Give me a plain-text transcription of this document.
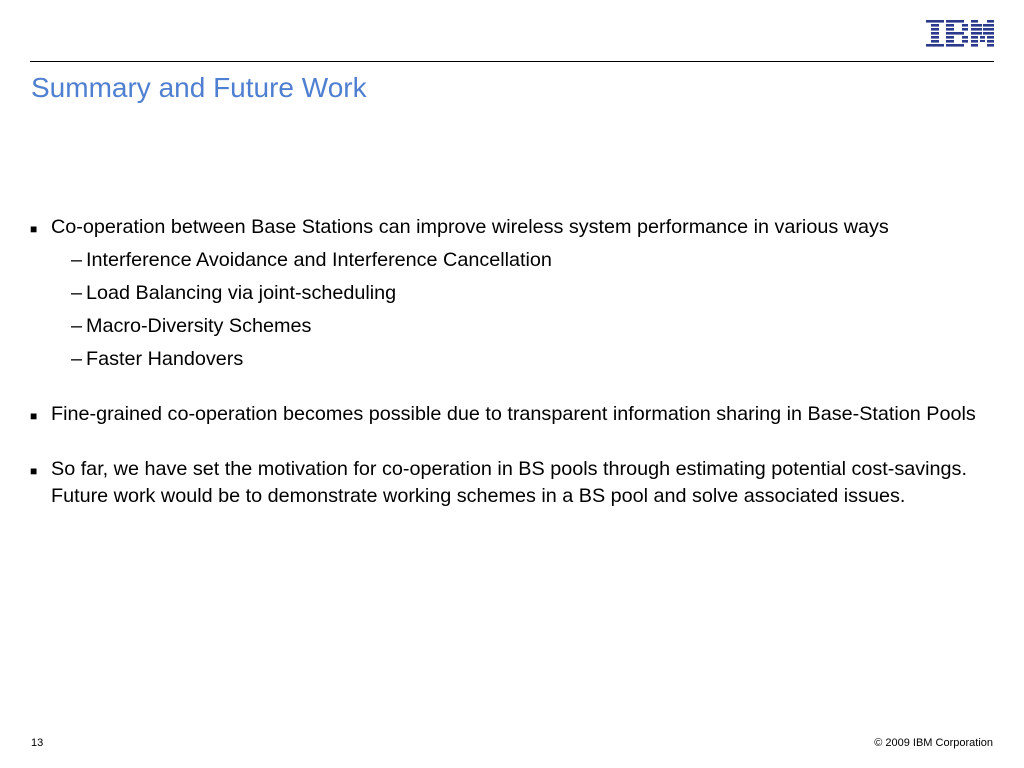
Summary and Future Work
■ Co-operation between Base Stations can improve wireless system performance in various ways
– Interference Avoidance and Interference Cancellation
– Load Balancing via joint-scheduling
– Macro-Diversity Schemes
– Faster Handovers
■ Fine-grained co-operation becomes possible due to transparent information sharing in Base-Station Pools
■ So far, we have set the motivation for co-operation in BS pools through estimating potential cost-savings. Future work would be to demonstrate working schemes in a BS pool and solve associated issues.
13	© 2009 IBM Corporation
